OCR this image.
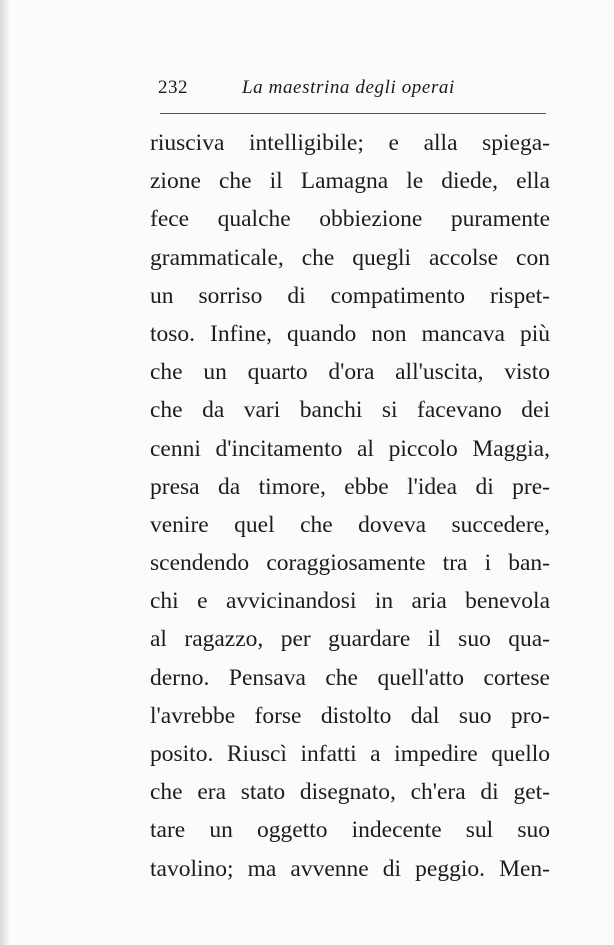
232	La maestrina degli operai
riusciva intelligibile; e alla spiega-
zione che il Lamagna le diede, ella
fece qualche obbiezione puramente
grammaticale, che quegli accolse con
un sorriso di compatimento rispet-
toso. Infine, quando non mancava più
che un quarto d'ora all'uscita, visto
che da vari banchi si facevano dei
cenni d'incitamento al piccolo Maggia,
presa da timore, ebbe l'idea di pre-
venire quel che doveva succedere,
scendendo coraggiosamente tra i ban-
chi e avvicinandosi in aria benevola
al ragazzo, per guardare il suo qua-
derno. Pensava che quell'atto cortese
l'avrebbe forse distolto dal suo pro-
posito. Riuscì infatti a impedire quello
che era stato disegnato, ch'era di get-
tare un oggetto indecente sul suo
tavolino; ma avvenne di peggio. Men-
